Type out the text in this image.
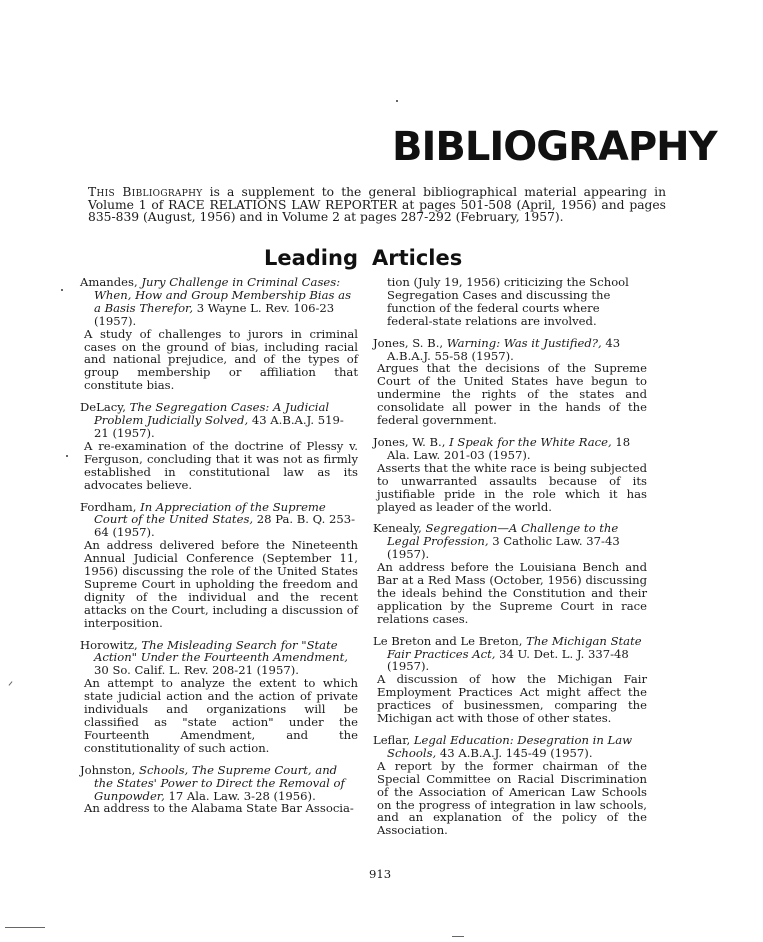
BIBLIOGRAPHY
This Bibliography is a supplement to the general bibliographical material appearing in Volume 1 of RACE RELATIONS LAW REPORTER at pages 501-508 (April, 1956) and pages 835-839 (August, 1956) and in Volume 2 at pages 287-292 (February, 1957).
Leading Articles
Amandes, Jury Challenge in Criminal Cases: When, How and Group Membership Bias as a Basis Therefor, 3 Wayne L. Rev. 106-23 (1957).
A study of challenges to jurors in criminal cases on the ground of bias, including racial and national prejudice, and of the types of group membership or affiliation that constitute bias.
DeLacy, The Segregation Cases: A Judicial Problem Judicially Solved, 43 A.B.A.J. 519-21 (1957).
A re-examination of the doctrine of Plessy v. Ferguson, concluding that it was not as firmly established in constitutional law as its advocates believe.
Fordham, In Appreciation of the Supreme Court of the United States, 28 Pa. B. Q. 253-64 (1957).
An address delivered before the Nineteenth Annual Judicial Conference (September 11, 1956) discussing the role of the United States Supreme Court in upholding the freedom and dignity of the individual and the recent attacks on the Court, including a discussion of interposition.
Horowitz, The Misleading Search for "State Action" Under the Fourteenth Amendment, 30 So. Calif. L. Rev. 208-21 (1957).
An attempt to analyze the extent to which state judicial action and the action of private individuals and organizations will be classified as "state action" under the Fourteenth Amendment, and the constitutionality of such action.
Johnston, Schools, The Supreme Court, and the States' Power to Direct the Removal of Gunpowder, 17 Ala. Law. 3-28 (1956).
An address to the Alabama State Bar Associa-
tion (July 19, 1956) criticizing the School Segregation Cases and discussing the function of the federal courts where federal-state relations are involved.
Jones, S. B., Warning: Was it Justified?, 43 A.B.A.J. 55-58 (1957).
Argues that the decisions of the Supreme Court of the United States have begun to undermine the rights of the states and consolidate all power in the hands of the federal government.
Jones, W. B., I Speak for the White Race, 18 Ala. Law. 201-03 (1957).
Asserts that the white race is being subjected to unwarranted assaults because of its justifiable pride in the role which it has played as leader of the world.
Kenealy, Segregation—A Challenge to the Legal Profession, 3 Catholic Law. 37-43 (1957).
An address before the Louisiana Bench and Bar at a Red Mass (October, 1956) discussing the ideals behind the Constitution and their application by the Supreme Court in race relations cases.
Le Breton and Le Breton, The Michigan State Fair Practices Act, 34 U. Det. L. J. 337-48 (1957).
A discussion of how the Michigan Fair Employment Practices Act might affect the practices of businessmen, comparing the Michigan act with those of other states.
Leflar, Legal Education: Desegration in Law Schools, 43 A.B.A.J. 145-49 (1957).
A report by the former chairman of the Special Committee on Racial Discrimination of the Association of American Law Schools on the progress of integration in law schools, and an explanation of the policy of the Association.
913
